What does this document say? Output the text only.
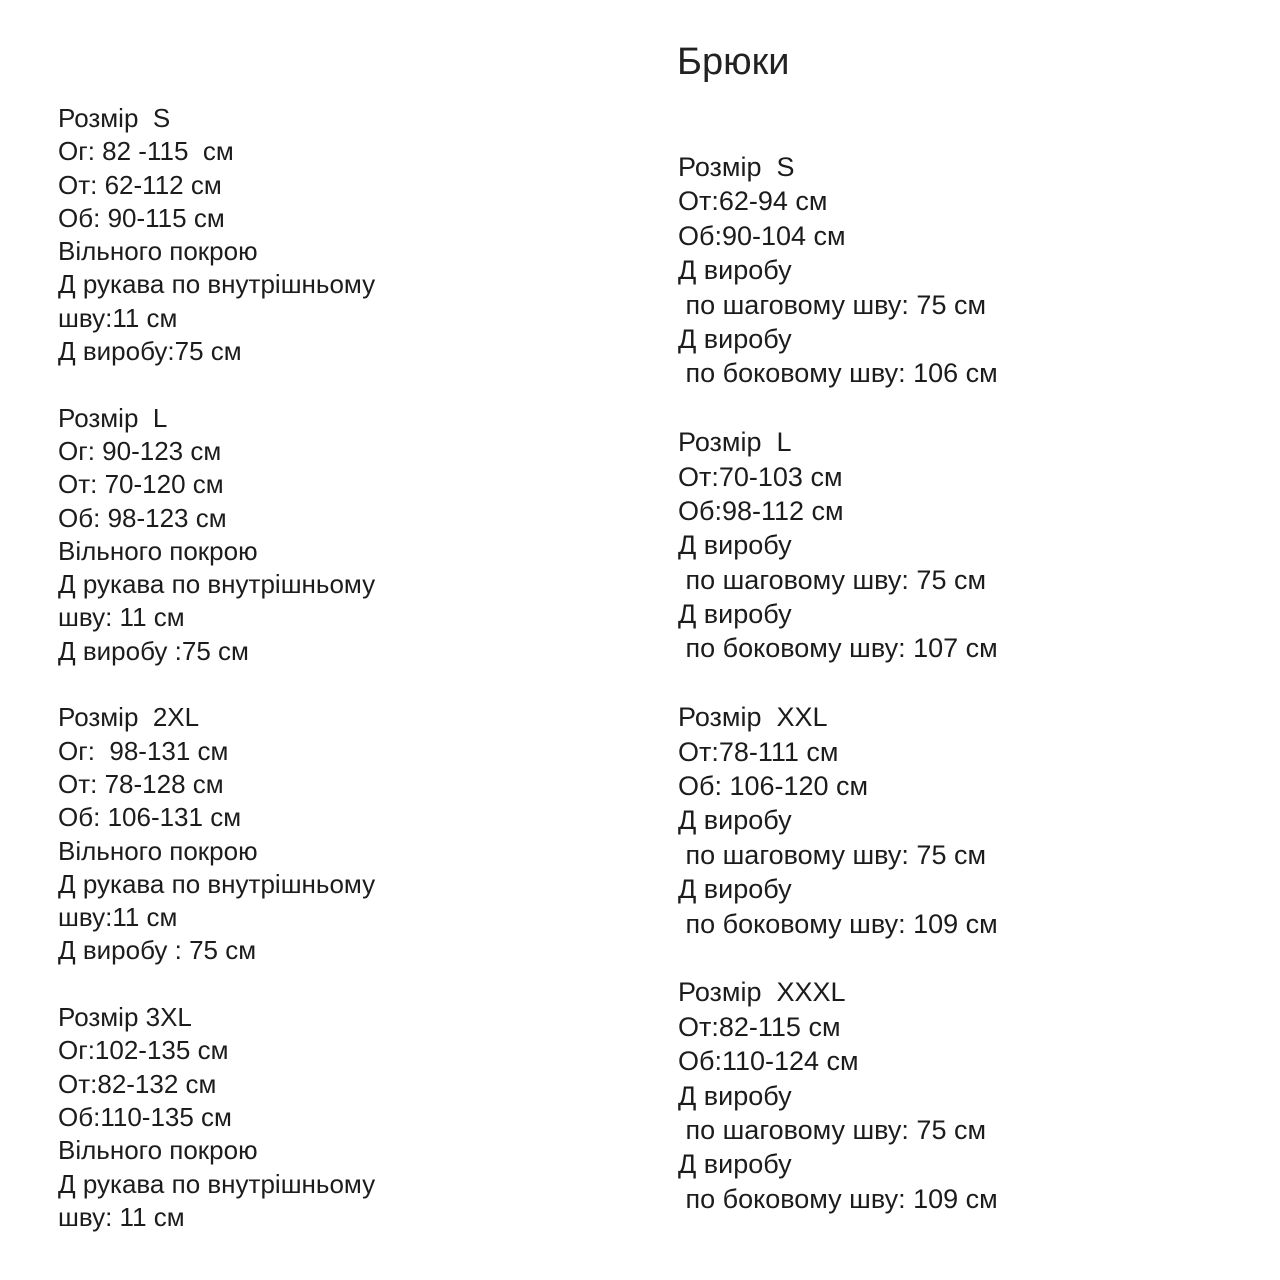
Брюки
Розмір  S
Ог: 82 -115  см
От: 62-112 см
Об: 90-115 см
Вільного покрою
Д рукава по внутрішньому
шву:11 см
Д виробу:75 см
Розмір  L
Ог: 90-123 см
От: 70-120 см
Об: 98-123 см
Вільного покрою
Д рукава по внутрішньому
шву: 11 см
Д виробу :75 см
Розмір  2XL
Ог:  98-131 см
От: 78-128 см
Об: 106-131 см
Вільного покрою
Д рукава по внутрішньому
шву:11 см
Д виробу : 75 см
Розмір 3XL
Ог:102-135 см
От:82-132 см
Об:110-135 см
Вільного покрою
Д рукава по внутрішньому
шву: 11 см
Розмір  S
От:62-94 см
Об:90-104 см
Д виробу
по шаговому шву: 75 см
Д виробу
по боковому шву: 106 см
Розмір  L
От:70-103 см
Об:98-112 см
Д виробу
по шаговому шву: 75 см
Д виробу
по боковому шву: 107 см
Розмір  XXL
От:78-111 см
Об: 106-120 см
Д виробу
по шаговому шву: 75 см
Д виробу
по боковому шву: 109 см
Розмір  XXXL
От:82-115 см
Об:110-124 см
Д виробу
по шаговому шву: 75 см
Д виробу
по боковому шву: 109 см
